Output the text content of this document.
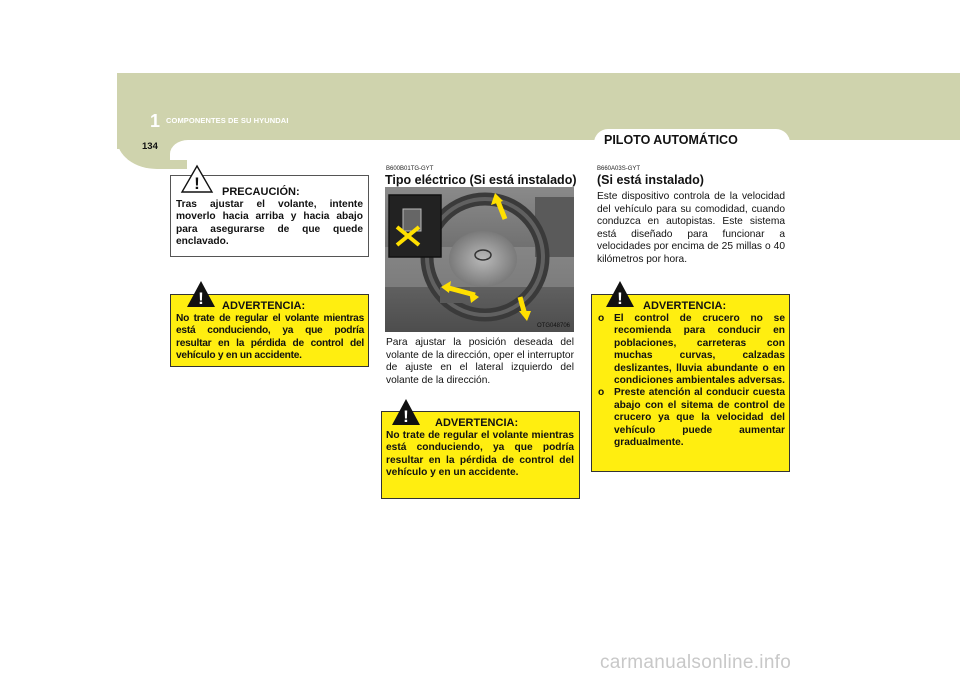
1 COMPONENTES DE SU HYUNDAI
134	PILOTO AUTOMÁTICO
PRECAUCIÓN:
Tras ajustar el volante, intente moverlo hacia arriba y hacia abajo para asegurarse de que quede enclavado.
!
ADVERTENCIA:
No trate de regular el volante mientras está conduciendo, ya que podría resultar en la pérdida de control del vehículo y en un accidente.
!
B600B01TG-GYT
Tipo eléctrico (Si está instalado)
OTG048706
Para ajustar la posición deseada del volante de la dirección, oper el interruptor de ajuste en el lateral izquierdo del volante de la dirección.
ADVERTENCIA:
No trate de regular el volante mientras está conduciendo, ya que podría resultar en la pérdida de control del vehículo y en un accidente.
!
B660A03S-GYT
(Si está instalado)
Este dispositivo controla de la velocidad del vehículo para su comodidad, cuando conduzca en autopistas. Este sistema está diseñado para funcionar a velocidades por encima de 25 millas o 40 kilómetros por hora.
ADVERTENCIA:
o El control de crucero no se recomienda para conducir en poblaciones, carreteras con muchas curvas, calzadas deslizantes, lluvia abundante o en condiciones ambientales adversas.
o Preste atención al conducir cuesta abajo con el sitema de control de crucero ya que la velocidad del vehículo puede aumentar gradualmente.
!
carmanualsonline.info
